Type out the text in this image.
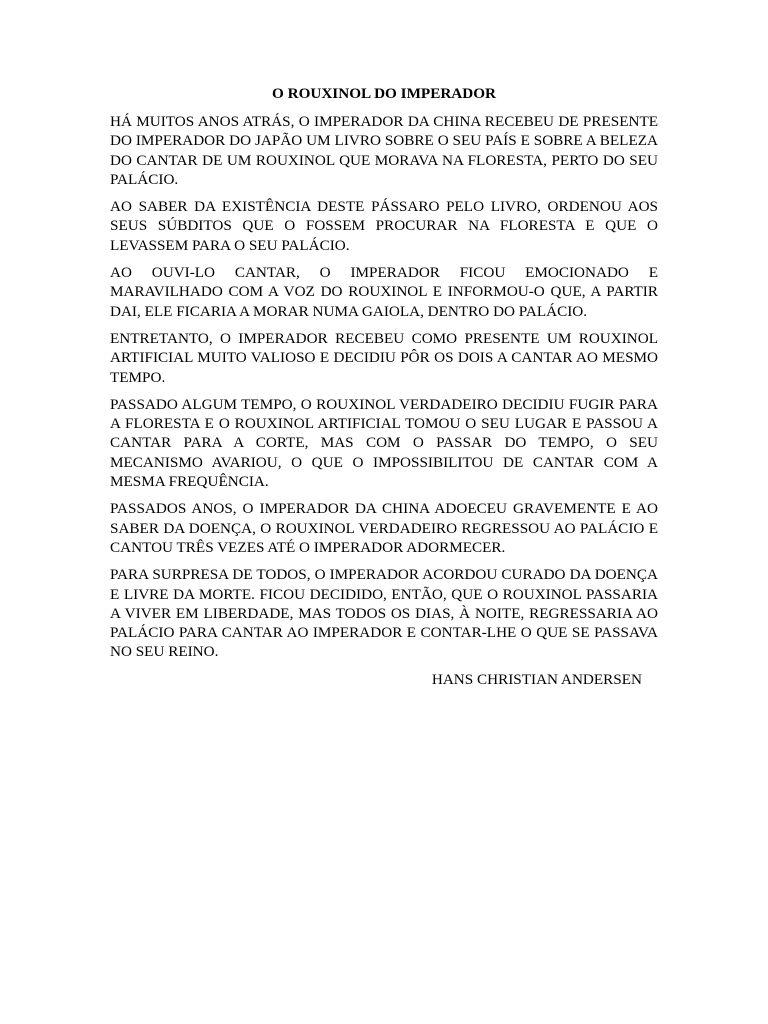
O ROUXINOL DO IMPERADOR

HÁ MUITOS ANOS ATRÁS, O IMPERADOR DA CHINA RECEBEU DE PRESENTE DO IMPERADOR DO JAPÃO UM LIVRO SOBRE O SEU PAÍS E SOBRE A BELEZA DO CANTAR DE UM ROUXINOL QUE MORAVA NA FLORESTA, PERTO DO SEU PALÁCIO.

AO SABER DA EXISTÊNCIA DESTE PÁSSARO PELO LIVRO, ORDENOU AOS SEUS SÚBDITOS QUE O FOSSEM PROCURAR NA FLORESTA E QUE O LEVASSEM PARA O SEU PALÁCIO.

AO OUVI-LO CANTAR, O IMPERADOR FICOU EMOCIONADO E MARAVILHADO COM A VOZ DO ROUXINOL E INFORMOU-O QUE, A PARTIR DAI, ELE FICARIA A MORAR NUMA GAIOLA, DENTRO DO PALÁCIO.

ENTRETANTO, O IMPERADOR RECEBEU COMO PRESENTE UM ROUXINOL ARTIFICIAL MUITO VALIOSO E DECIDIU PÔR OS DOIS A CANTAR AO MESMO TEMPO.

PASSADO ALGUM TEMPO, O ROUXINOL VERDADEIRO DECIDIU FUGIR PARA A FLORESTA E O ROUXINOL ARTIFICIAL TOMOU O SEU LUGAR E PASSOU A CANTAR PARA A CORTE, MAS COM O PASSAR DO TEMPO, O SEU MECANISMO AVARIOU, O QUE O IMPOSSIBILITOU DE CANTAR COM A MESMA FREQUÊNCIA.

PASSADOS ANOS, O IMPERADOR DA CHINA ADOECEU GRAVEMENTE E AO SABER DA DOENÇA, O ROUXINOL VERDADEIRO REGRESSOU AO PALÁCIO E CANTOU TRÊS VEZES ATÉ O IMPERADOR ADORMECER.

PARA SURPRESA DE TODOS, O IMPERADOR ACORDOU CURADO DA DOENÇA E LIVRE DA MORTE. FICOU DECIDIDO, ENTÃO, QUE O ROUXINOL PASSARIA A VIVER EM LIBERDADE, MAS TODOS OS DIAS, À NOITE, REGRESSARIA AO PALÁCIO PARA CANTAR AO IMPERADOR E CONTAR-LHE O QUE SE PASSAVA NO SEU REINO.

HANS CHRISTIAN ANDERSEN
